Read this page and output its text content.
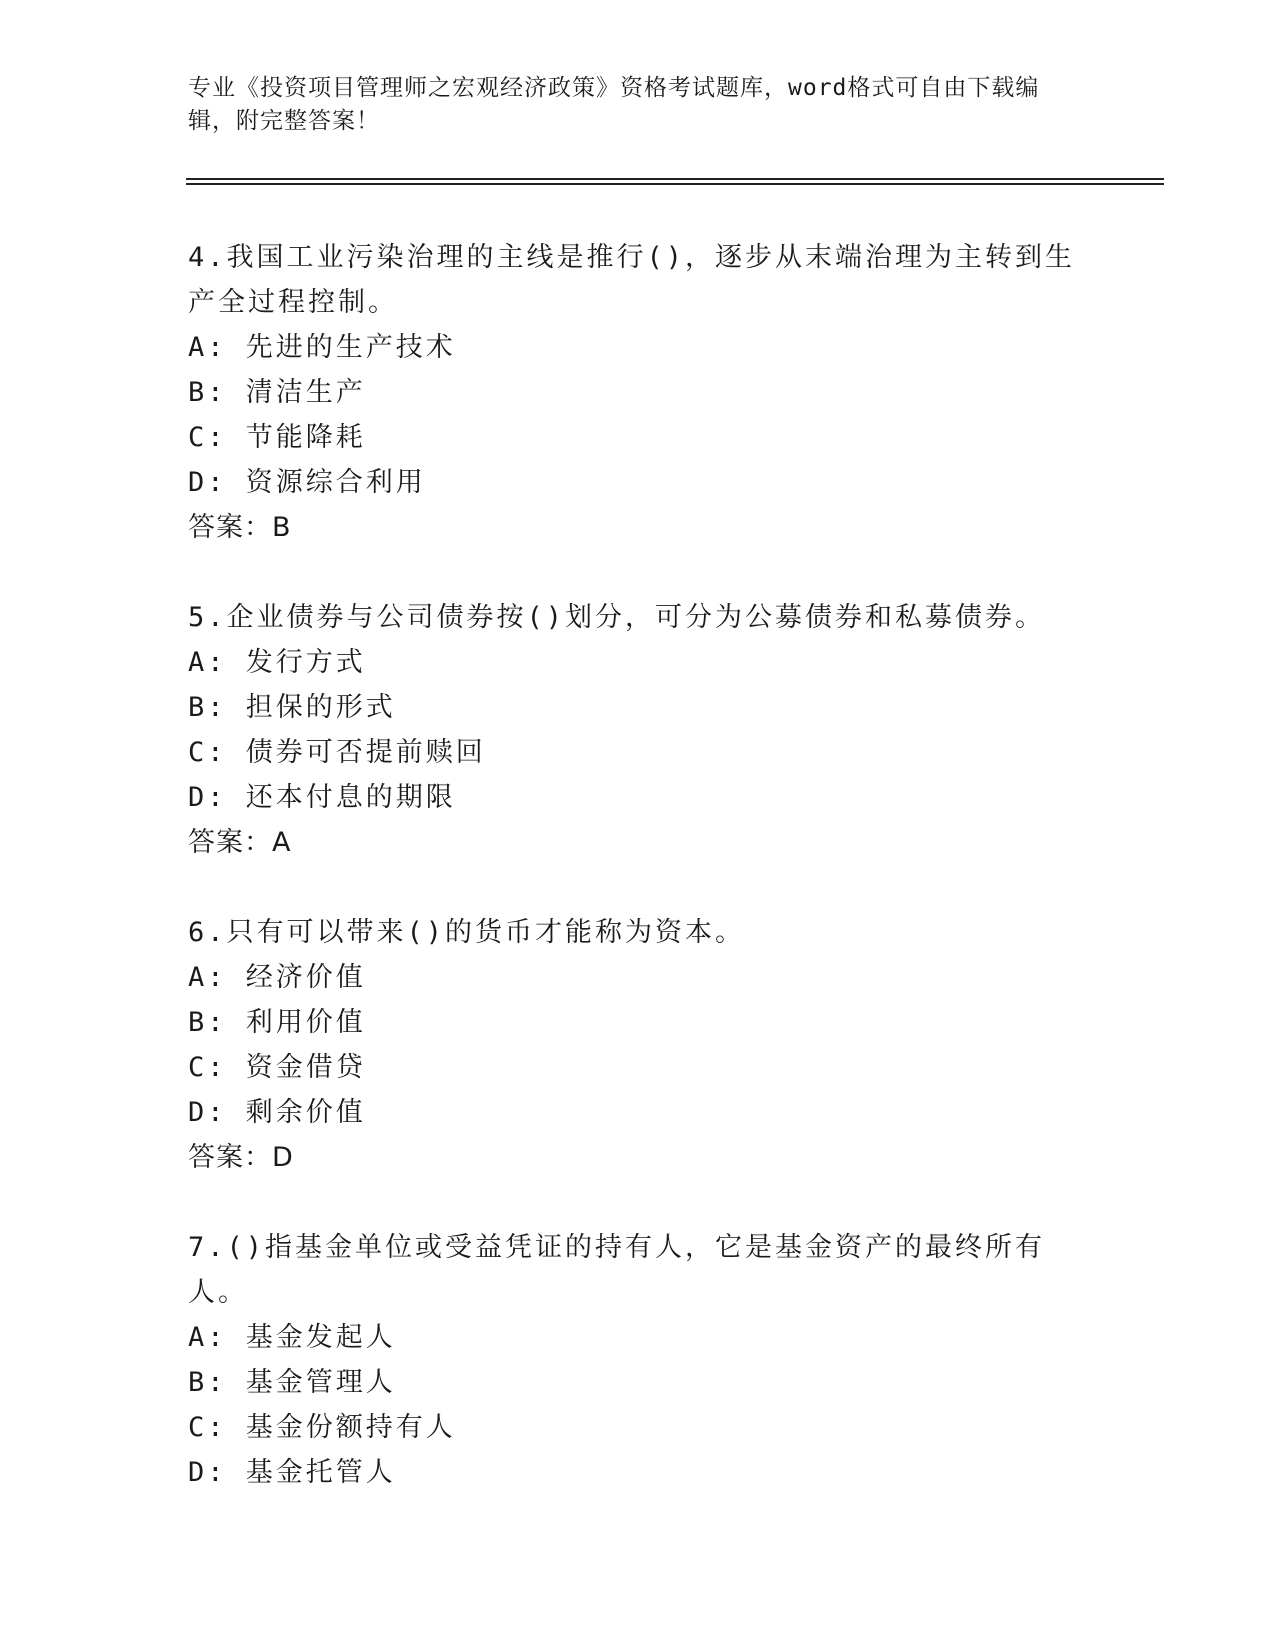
专业《投资项目管理师之宏观经济政策》资格考试题库，word格式可自由下载编辑，附完整答案！

4.我国工业污染治理的主线是推行()，逐步从末端治理为主转到生产全过程控制。

A: 先进的生产技术

B: 清洁生产

C: 节能降耗

D: 资源综合利用

答案：B

5.企业债券与公司债券按()划分，可分为公募债券和私募债券。

A: 发行方式

B: 担保的形式

C: 债券可否提前赎回

D: 还本付息的期限

答案：A

6.只有可以带来()的货币才能称为资本。

A: 经济价值

B: 利用价值

C: 资金借贷

D: 剩余价值

答案：D

7.()指基金单位或受益凭证的持有人，它是基金资产的最终所有人。

A: 基金发起人

B: 基金管理人

C: 基金份额持有人

D: 基金托管人
